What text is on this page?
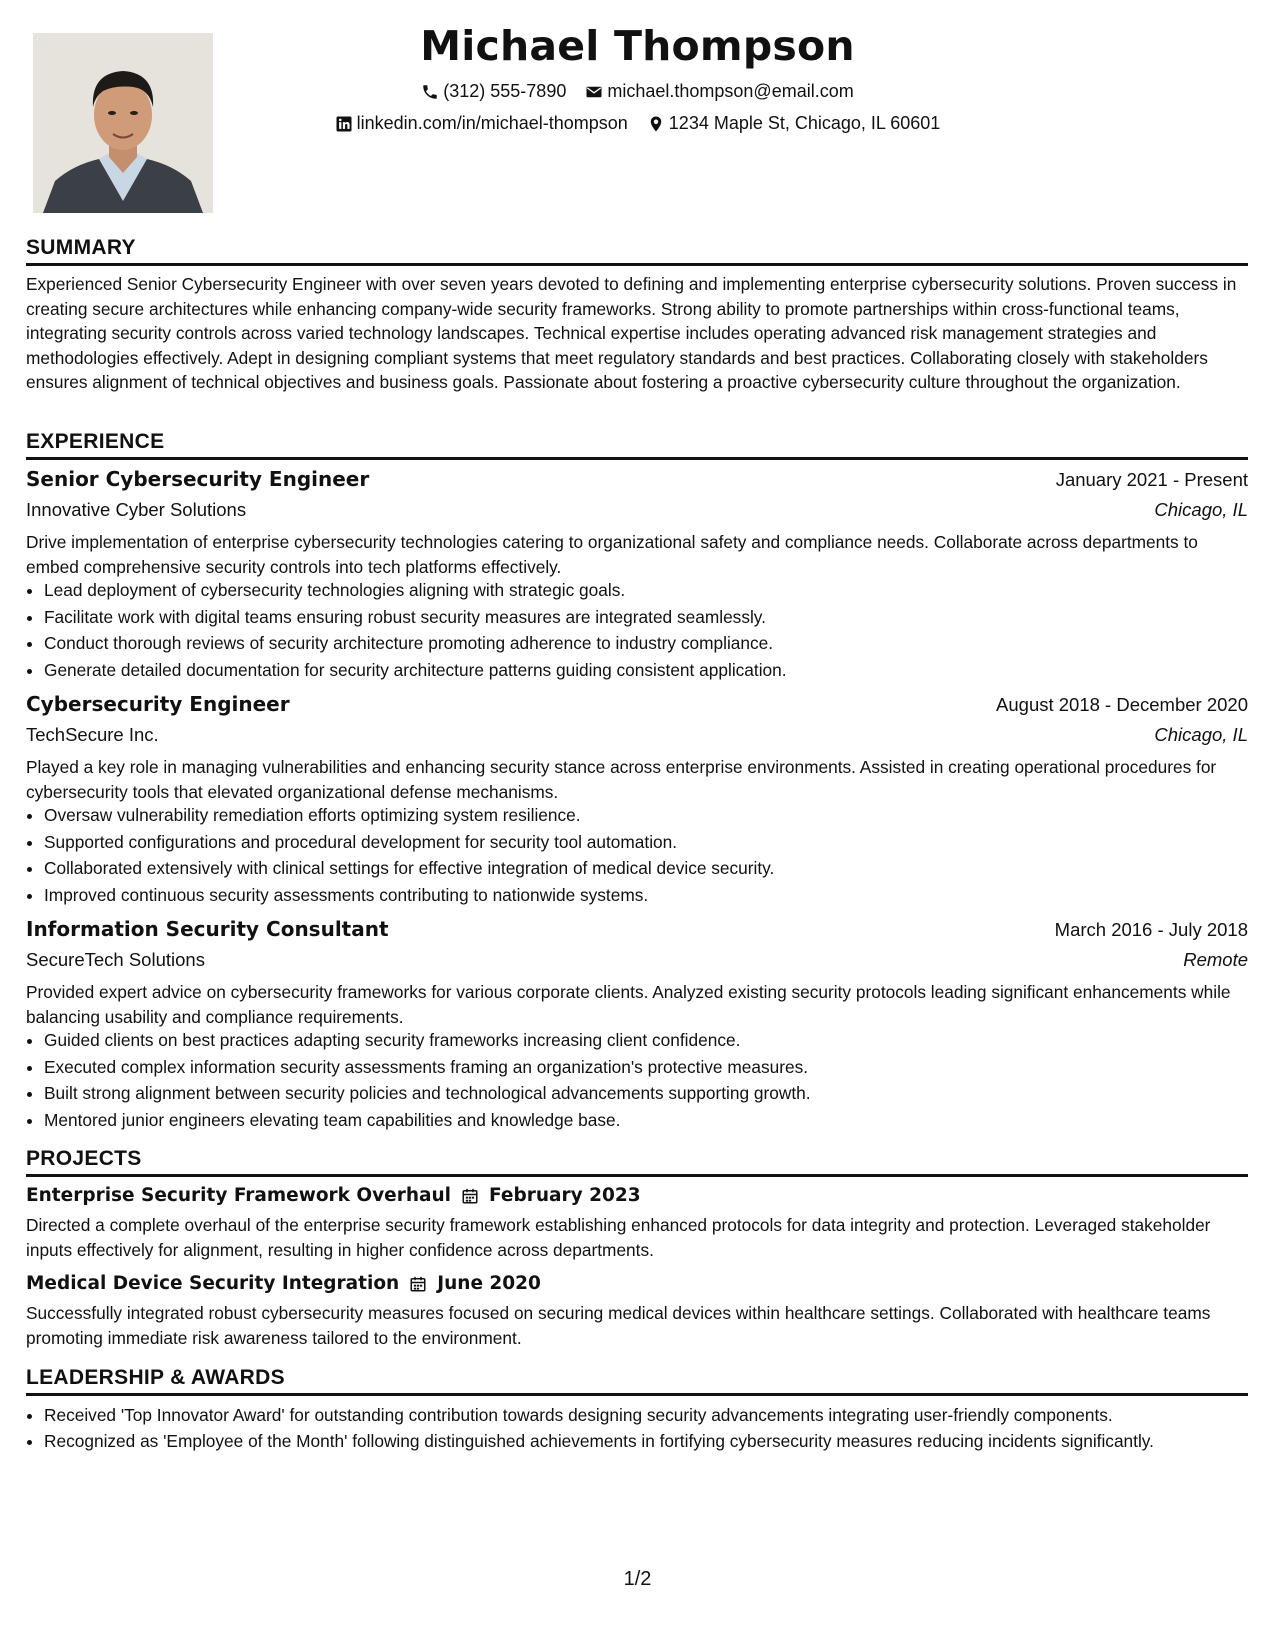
Michael Thompson
(312) 555-7890
michael.thompson@email.com
linkedin.com/in/michael-thompson
1234 Maple St, Chicago, IL 60601
SUMMARY

Experienced Senior Cybersecurity Engineer with over seven years devoted to defining and implementing enterprise cybersecurity solutions. Proven success in creating secure architectures while enhancing company-wide security frameworks. Strong ability to promote partnerships within cross-functional teams, integrating security controls across varied technology landscapes. Technical expertise includes operating advanced risk management strategies and methodologies effectively. Adept in designing compliant systems that meet regulatory standards and best practices. Collaborating closely with stakeholders ensures alignment of technical objectives and business goals. Passionate about fostering a proactive cybersecurity culture throughout the organization.

EXPERIENCE
Senior Cybersecurity Engineer	January 2021 - Present
Innovative Cyber Solutions	Chicago, IL

Drive implementation of enterprise cybersecurity technologies catering to organizational safety and compliance needs. Collaborate across departments to embed comprehensive security controls into tech platforms effectively.

• Lead deployment of cybersecurity technologies aligning with strategic goals.
• Facilitate work with digital teams ensuring robust security measures are integrated seamlessly.
• Conduct thorough reviews of security architecture promoting adherence to industry compliance.
• Generate detailed documentation for security architecture patterns guiding consistent application.
Cybersecurity Engineer	August 2018 - December 2020
TechSecure Inc.	Chicago, IL

Played a key role in managing vulnerabilities and enhancing security stance across enterprise environments. Assisted in creating operational procedures for cybersecurity tools that elevated organizational defense mechanisms.

• Oversaw vulnerability remediation efforts optimizing system resilience.
• Supported configurations and procedural development for security tool automation.
• Collaborated extensively with clinical settings for effective integration of medical device security.
• Improved continuous security assessments contributing to nationwide systems.
Information Security Consultant	March 2016 - July 2018
SecureTech Solutions	Remote

Provided expert advice on cybersecurity frameworks for various corporate clients. Analyzed existing security protocols leading significant enhancements while balancing usability and compliance requirements.

• Guided clients on best practices adapting security frameworks increasing client confidence.
• Executed complex information security assessments framing an organization's protective measures.
• Built strong alignment between security policies and technological advancements supporting growth.
• Mentored junior engineers elevating team capabilities and knowledge base.
PROJECTS
Enterprise Security Framework Overhaul February 2023

Directed a complete overhaul of the enterprise security framework establishing enhanced protocols for data integrity and protection. Leveraged stakeholder inputs effectively for alignment, resulting in higher confidence across departments.

Medical Device Security Integration June 2020

Successfully integrated robust cybersecurity measures focused on securing medical devices within healthcare settings. Collaborated with healthcare teams promoting immediate risk awareness tailored to the environment.

LEADERSHIP & AWARDS
• Received 'Top Innovator Award' for outstanding contribution towards designing security advancements integrating user-friendly components.
• Recognized as 'Employee of the Month' following distinguished achievements in fortifying cybersecurity measures reducing incidents significantly.
1/2
